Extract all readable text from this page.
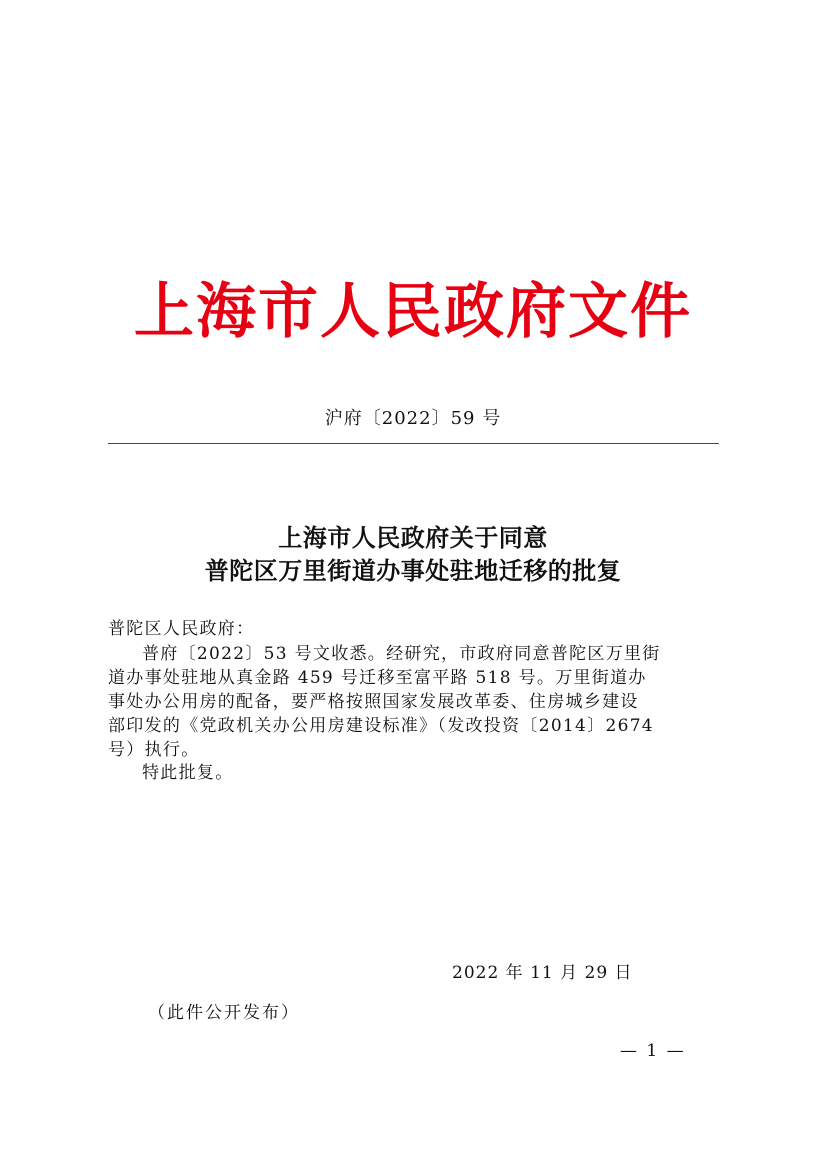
上海市人民政府文件
沪府〔2022〕59 号
上海市人民政府关于同意
普陀区万里街道办事处驻地迁移的批复
普陀区人民政府：
普府〔2022〕53 号文收悉。经研究，市政府同意普陀区万里街
道办事处驻地从真金路 459 号迁移至富平路 518 号。万里街道办
事处办公用房的配备，要严格按照国家发展改革委、住房城乡建设
部印发的《党政机关办公用房建设标准》（发改投资〔2014〕2674
号）执行。
特此批复。
2022 年 11 月 29 日
（此件公开发布）
— 1 —
